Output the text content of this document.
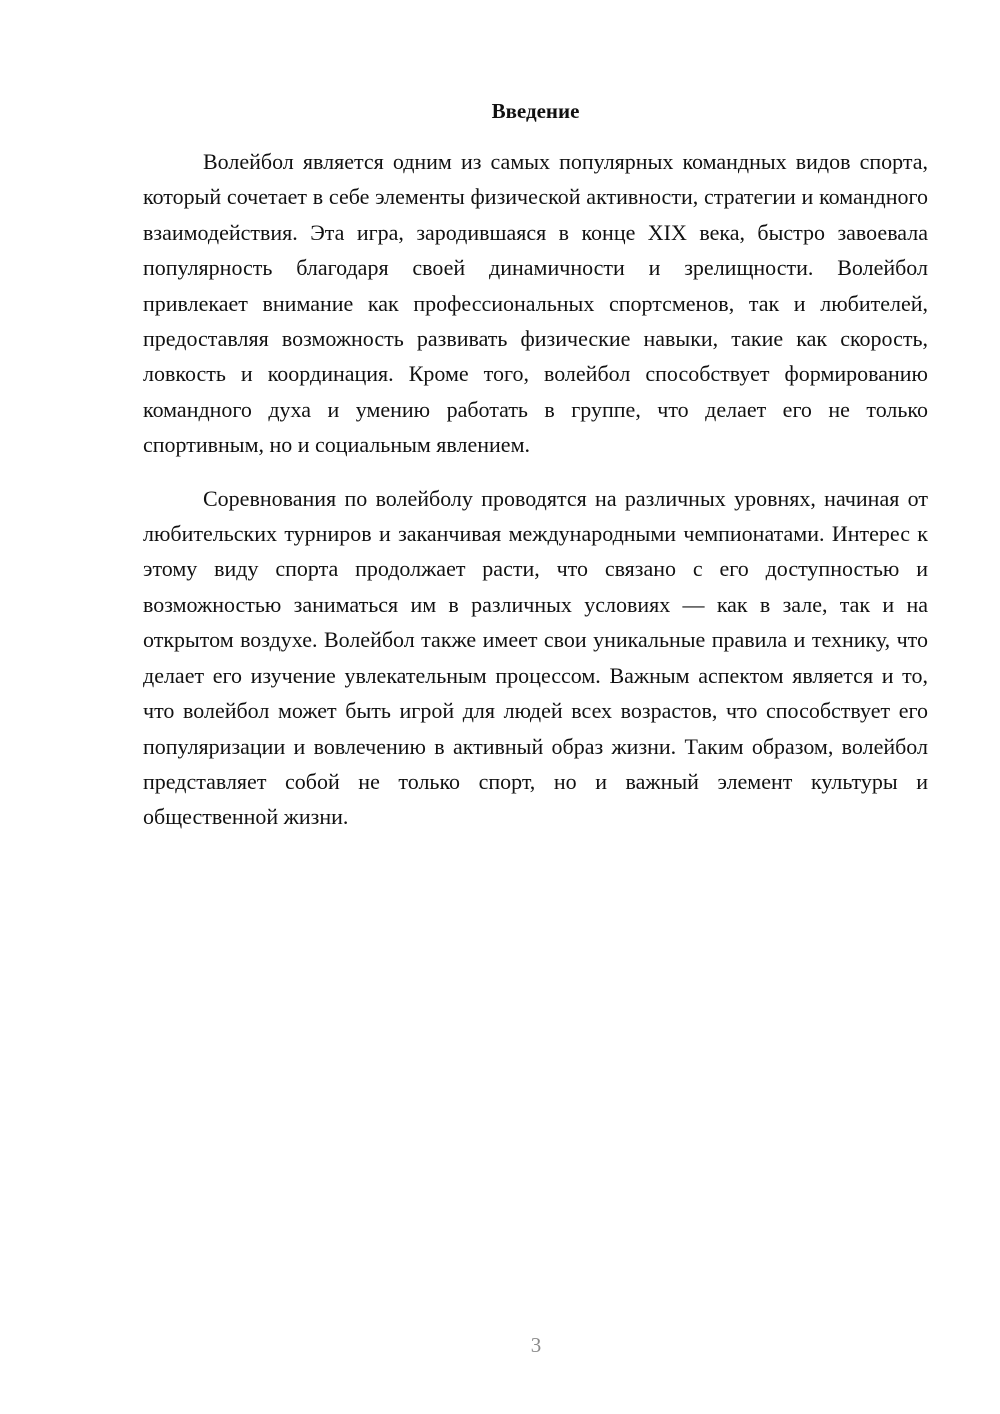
Введение

Волейбол является одним из самых популярных командных видов спорта, который сочетает в себе элементы физической активности, стратегии и командного взаимодействия. Эта игра, зародившаяся в конце XIX века, быстро завоевала популярность благодаря своей динамичности и зрелищности. Волейбол привлекает внимание как профессиональных спортсменов, так и любителей, предоставляя возможность развивать физические навыки, такие как скорость, ловкость и координация. Кроме того, волейбол способствует формированию командного духа и умению работать в группе, что делает его не только спортивным, но и социальным явлением.

Соревнования по волейболу проводятся на различных уровнях, начиная от любительских турниров и заканчивая международными чемпионатами. Интерес к этому виду спорта продолжает расти, что связано с его доступностью и возможностью заниматься им в различных условиях — как в зале, так и на открытом воздухе. Волейбол также имеет свои уникальные правила и технику, что делает его изучение увлекательным процессом. Важным аспектом является и то, что волейбол может быть игрой для людей всех возрастов, что способствует его популяризации и вовлечению в активный образ жизни. Таким образом, волейбол представляет собой не только спорт, но и важный элемент культуры и общественной жизни.

3
